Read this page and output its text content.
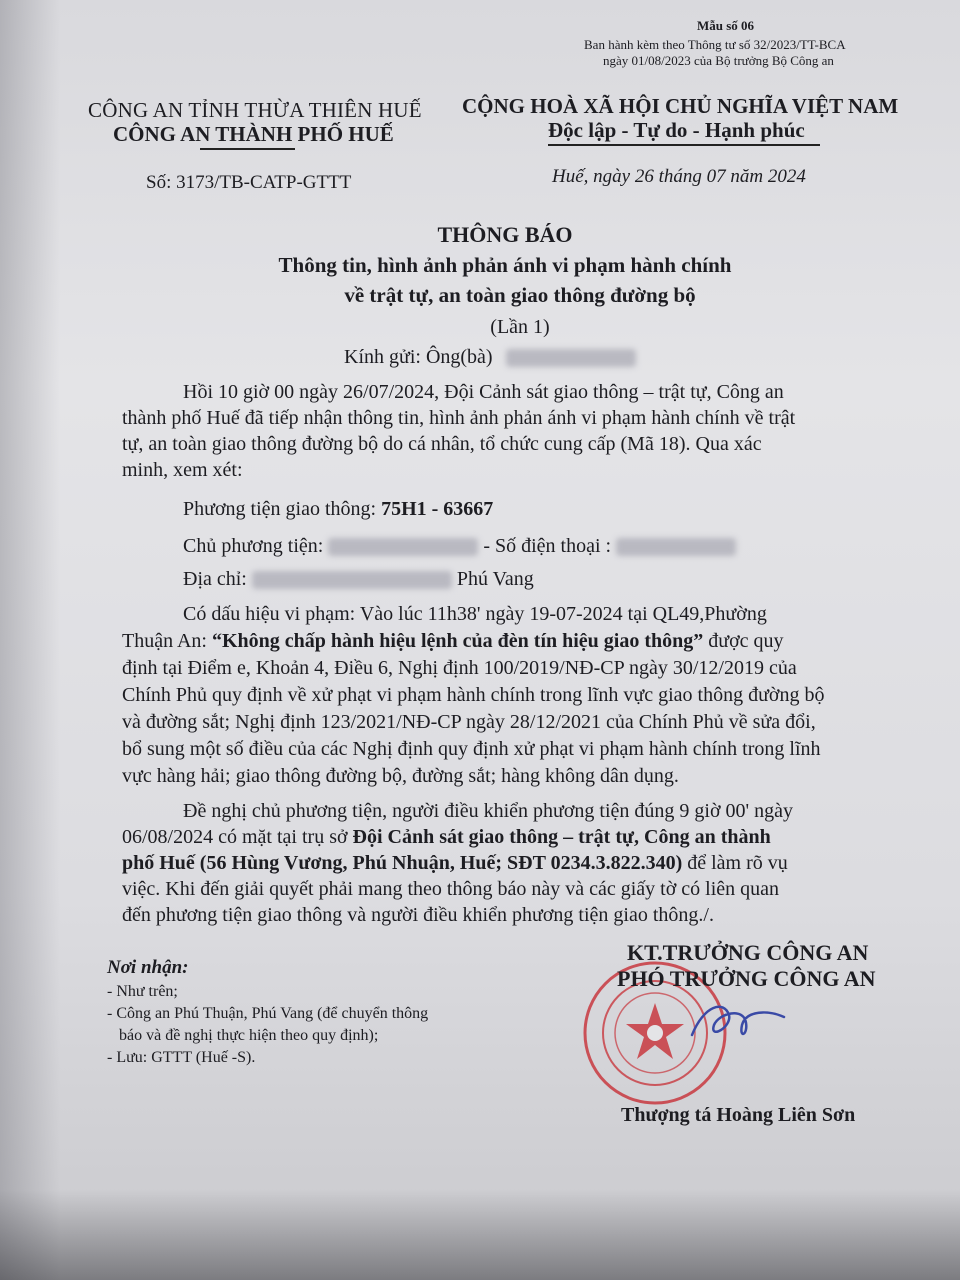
Mẫu số 06
Ban hành kèm theo Thông tư số 32/2023/TT-BCA
ngày 01/08/2023 của Bộ trưởng Bộ Công an
CÔNG AN TỈNH THỪA THIÊN HUẾ
CÔNG AN THÀNH PHỐ HUẾ
CỘNG HOÀ XÃ HỘI CHỦ NGHĨA VIỆT NAM
Độc lập - Tự do - Hạnh phúc
Số: 3173/TB-CATP-GTTT	Huế, ngày 26 tháng 07 năm 2024
THÔNG BÁO
Thông tin, hình ảnh phản ánh vi phạm hành chính
về trật tự, an toàn giao thông đường bộ
(Lần 1)
Kính gửi: Ông(bà)
Hồi 10 giờ 00 ngày 26/07/2024, Đội Cảnh sát giao thông – trật tự, Công an
thành phố Huế đã tiếp nhận thông tin, hình ảnh phản ánh vi phạm hành chính về trật
tự, an toàn giao thông đường bộ do cá nhân, tổ chức cung cấp (Mã 18). Qua xác
minh, xem xét:
Phương tiện giao thông: 75H1 - 63667
Chủ phương tiện:	- Số điện thoại :
Địa chỉ:	Phú Vang
Có dấu hiệu vi phạm: Vào lúc 11h38' ngày 19-07-2024 tại QL49,Phường
Thuận An: “Không chấp hành hiệu lệnh của đèn tín hiệu giao thông” được quy
định tại Điểm e, Khoản 4, Điều 6, Nghị định 100/2019/NĐ-CP ngày 30/12/2019 của
Chính Phủ quy định về xử phạt vi phạm hành chính trong lĩnh vực giao thông đường bộ
và đường sắt; Nghị định 123/2021/NĐ-CP ngày 28/12/2021 của Chính Phủ về sửa đổi,
bổ sung một số điều của các Nghị định quy định xử phạt vi phạm hành chính trong lĩnh
vực hàng hải; giao thông đường bộ, đường sắt; hàng không dân dụng.
Đề nghị chủ phương tiện, người điều khiển phương tiện đúng 9 giờ 00' ngày
06/08/2024 có mặt tại trụ sở Đội Cảnh sát giao thông – trật tự, Công an thành
phố Huế (56 Hùng Vương, Phú Nhuận, Huế; SĐT 0234.3.822.340) để làm rõ vụ
việc. Khi đến giải quyết phải mang theo thông báo này và các giấy tờ có liên quan
đến phương tiện giao thông và người điều khiển phương tiện giao thông./.
Nơi nhận:
- Như trên;
- Công an Phú Thuận, Phú Vang (để chuyển thông
báo và đề nghị thực hiện theo quy định);
- Lưu: GTTT (Huế -S).
KT.TRƯỞNG CÔNG AN
PHÓ TRƯỞNG CÔNG AN
Thượng tá Hoàng Liên Sơn
